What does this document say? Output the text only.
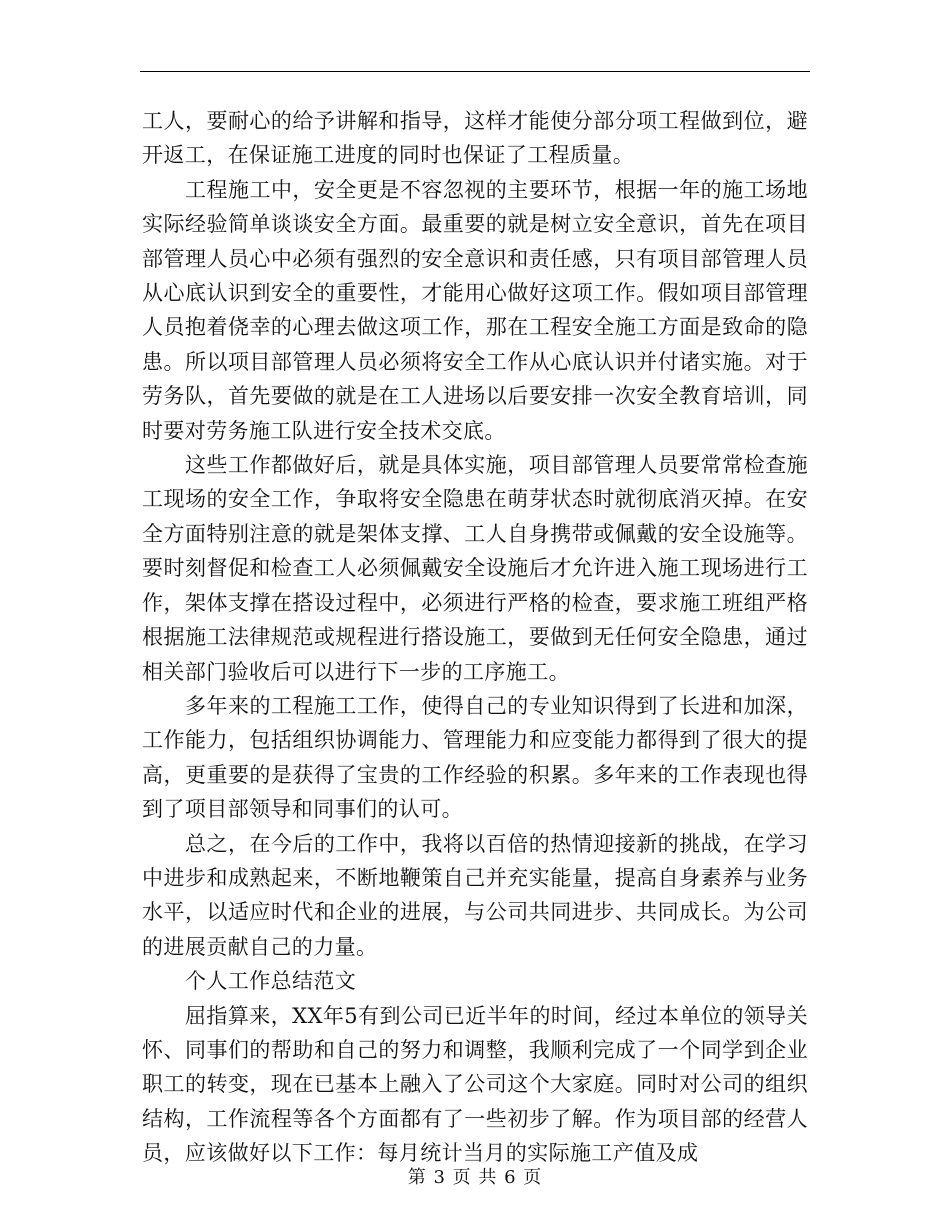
工人，要耐心的给予讲解和指导，这样才能使分部分项工程做到位，避开返工，在保证施工进度的同时也保证了工程质量。

工程施工中，安全更是不容忽视的主要环节，根据一年的施工场地实际经验简单谈谈安全方面。最重要的就是树立安全意识，首先在项目部管理人员心中必须有强烈的安全意识和责任感，只有项目部管理人员从心底认识到安全的重要性，才能用心做好这项工作。假如项目部管理人员抱着侥幸的心理去做这项工作，那在工程安全施工方面是致命的隐患。所以项目部管理人员必须将安全工作从心底认识并付诸实施。对于劳务队，首先要做的就是在工人进场以后要安排一次安全教育培训，同时要对劳务施工队进行安全技术交底。

这些工作都做好后，就是具体实施，项目部管理人员要常常检查施工现场的安全工作，争取将安全隐患在萌芽状态时就彻底消灭掉。在安全方面特别注意的就是架体支撑、工人自身携带或佩戴的安全设施等。要时刻督促和检查工人必须佩戴安全设施后才允许进入施工现场进行工作，架体支撑在搭设过程中，必须进行严格的检查，要求施工班组严格根据施工法律规范或规程进行搭设施工，要做到无任何安全隐患，通过相关部门验收后可以进行下一步的工序施工。

多年来的工程施工工作，使得自己的专业知识得到了长进和加深，工作能力，包括组织协调能力、管理能力和应变能力都得到了很大的提高，更重要的是获得了宝贵的工作经验的积累。多年来的工作表现也得到了项目部领导和同事们的认可。

总之，在今后的工作中，我将以百倍的热情迎接新的挑战，在学习中进步和成熟起来，不断地鞭策自己并充实能量，提高自身素养与业务水平，以适应时代和企业的进展，与公司共同进步、共同成长。为公司的进展贡献自己的力量。

个人工作总结范文

屈指算来，XX年5有到公司已近半年的时间，经过本单位的领导关怀、同事们的帮助和自己的努力和调整，我顺利完成了一个同学到企业职工的转变，现在已基本上融入了公司这个大家庭。同时对公司的组织结构，工作流程等各个方面都有了一些初步了解。作为项目部的经营人员，应该做好以下工作：每月统计当月的实际施工产值及成

第 3 页 共 6 页
